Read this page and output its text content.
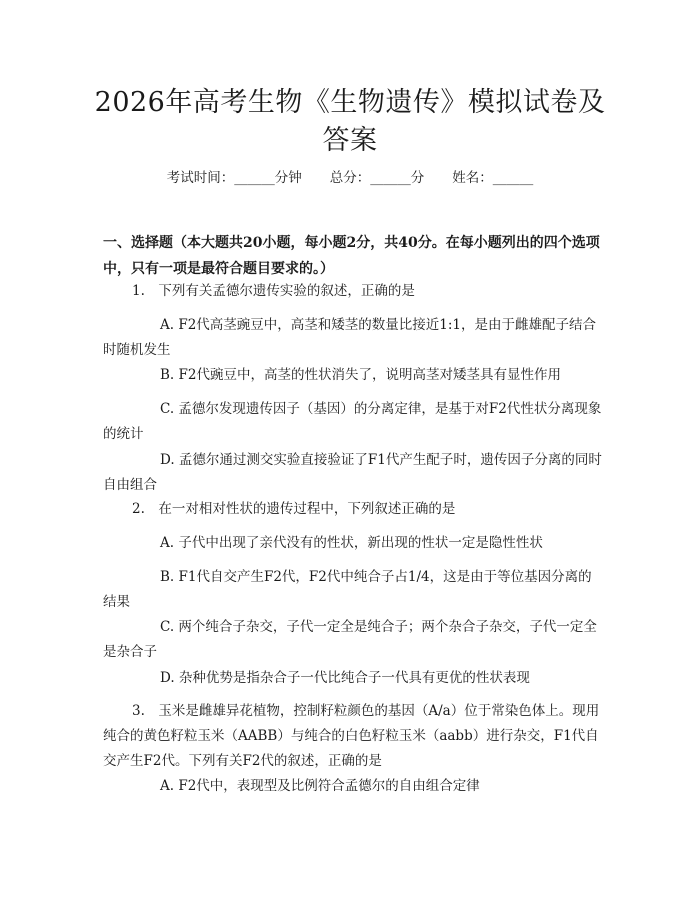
2026年高考生物《生物遗传》模拟试卷及答案
考试时间：______分钟 总分：______分 姓名：______
一、选择题（本大题共20小题，每小题2分，共40分。在每小题列出的四个选项中，只有一项是最符合题目要求的。）
1.　下列有关孟德尔遗传实验的叙述，正确的是
A. F2代高茎豌豆中，高茎和矮茎的数量比接近1:1，是由于雌雄配子结合时随机发生
B. F2代豌豆中，高茎的性状消失了，说明高茎对矮茎具有显性作用
C. 孟德尔发现遗传因子（基因）的分离定律，是基于对F2代性状分离现象的统计
D. 孟德尔通过测交实验直接验证了F1代产生配子时，遗传因子分离的同时自由组合
2.　在一对相对性状的遗传过程中，下列叙述正确的是
A. 子代中出现了亲代没有的性状，新出现的性状一定是隐性性状
B. F1代自交产生F2代，F2代中纯合子占1/4，这是由于等位基因分离的结果
C. 两个纯合子杂交，子代一定全是纯合子；两个杂合子杂交，子代一定全是杂合子
D. 杂种优势是指杂合子一代比纯合子一代具有更优的性状表现
3.　玉米是雌雄异花植物，控制籽粒颜色的基因（A/a）位于常染色体上。现用纯合的黄色籽粒玉米（AABB）与纯合的白色籽粒玉米（aabb）进行杂交，F1代自交产生F2代。下列有关F2代的叙述，正确的是
A. F2代中，表现型及比例符合孟德尔的自由组合定律
